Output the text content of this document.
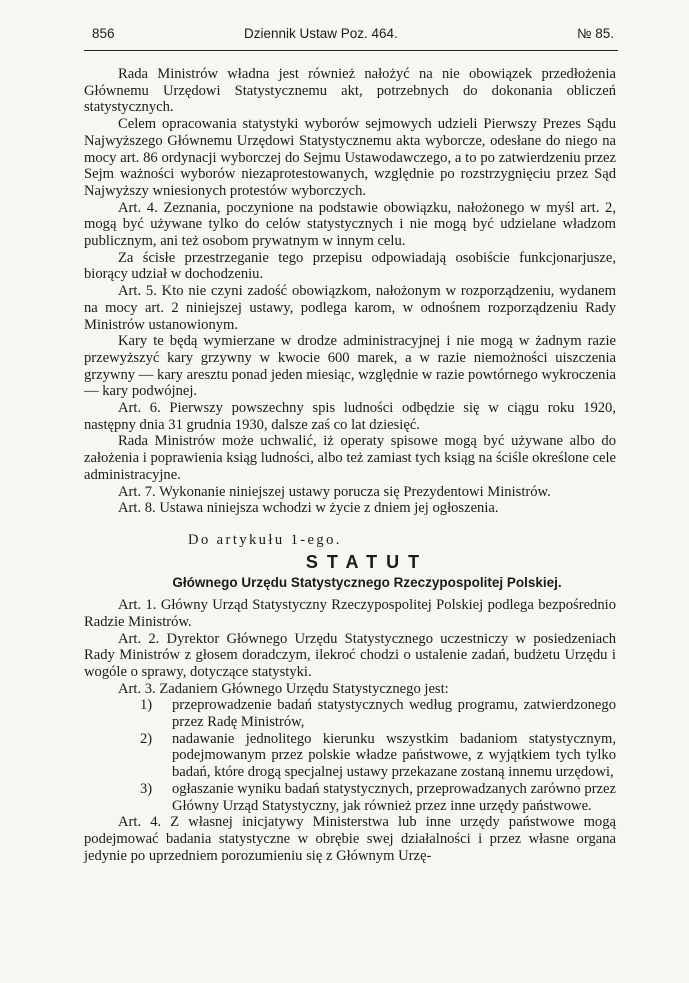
856	Dziennik Ustaw Poz. 464.	№ 85.

Rada Ministrów władna jest również nałożyć na nie obowiązek przedłożenia Głównemu Urzędowi Statystycznemu akt, potrzebnych do dokonania obliczeń statystycznych.

Celem opracowania statystyki wyborów sejmowych udzieli Pierwszy Prezes Sądu Najwyższego Głównemu Urzędowi Statystycznemu akta wyborcze, odesłane do niego na mocy art. 86 ordynacji wyborczej do Sejmu Ustawodawczego, a to po zatwierdzeniu przez Sejm ważności wyborów niezaprotestowanych, względnie po rozstrzygnięciu przez Sąd Najwyższy wniesionych protestów wyborczych.

Art. 4. Zeznania, poczynione na podstawie obowiązku, nałożonego w myśl art. 2, mogą być używane tylko do celów statystycznych i nie mogą być udzielane władzom publicznym, ani też osobom prywatnym w innym celu.

Za ścisłe przestrzeganie tego przepisu odpowiadają osobiście funkcjonarjusze, biorący udział w dochodzeniu.

Art. 5. Kto nie czyni zadość obowiązkom, nałożonym w rozporządzeniu, wydanem na mocy art. 2 niniejszej ustawy, podlega karom, w odnośnem rozporządzeniu Rady Ministrów ustanowionym.

Kary te będą wymierzane w drodze administracyjnej i nie mogą w żadnym razie przewyższyć kary grzywny w kwocie 600 marek, a w razie niemożności uiszczenia grzywny — kary aresztu ponad jeden miesiąc, względnie w razie powtórnego wykroczenia — kary podwójnej.

Art. 6. Pierwszy powszechny spis ludności odbędzie się w ciągu roku 1920, następny dnia 31 grudnia 1930, dalsze zaś co lat dziesięć.

Rada Ministrów może uchwalić, iż operaty spisowe mogą być używane albo do założenia i poprawienia ksiąg ludności, albo też zamiast tych ksiąg na ściśle określone cele administracyjne.

Art. 7. Wykonanie niniejszej ustawy porucza się Prezydentowi Ministrów.

Art. 8. Ustawa niniejsza wchodzi w życie z dniem jej ogłoszenia.

Do artykułu 1-ego.

STATUT

Głównego Urzędu Statystycznego Rzeczypospolitej Polskiej.

Art. 1. Główny Urząd Statystyczny Rzeczypospolitej Polskiej podlega bezpośrednio Radzie Ministrów.

Art. 2. Dyrektor Głównego Urzędu Statystycznego uczestniczy w posiedzeniach Rady Ministrów z głosem doradczym, ilekroć chodzi o ustalenie zadań, budżetu Urzędu i wogóle o sprawy, dotyczące statystyki.

Art. 3. Zadaniem Głównego Urzędu Statystycznego jest:

1) przeprowadzenie badań statystycznych według programu, zatwierdzonego przez Radę Ministrów,
2) nadawanie jednolitego kierunku wszystkim badaniom statystycznym, podejmowanym przez polskie władze państwowe, z wyjątkiem tych tylko badań, które drogą specjalnej ustawy przekazane zostaną innemu urzędowi,
3) ogłaszanie wyniku badań statystycznych, przeprowadzanych zarówno przez Główny Urząd Statystyczny, jak również przez inne urzędy państwowe.

Art. 4. Z własnej inicjatywy Ministerstwa lub inne urzędy państwowe mogą podejmować badania statystyczne w obrębie swej działalności i przez własne organa jedynie po uprzedniem porozumieniu się z Głównym Urzę-
